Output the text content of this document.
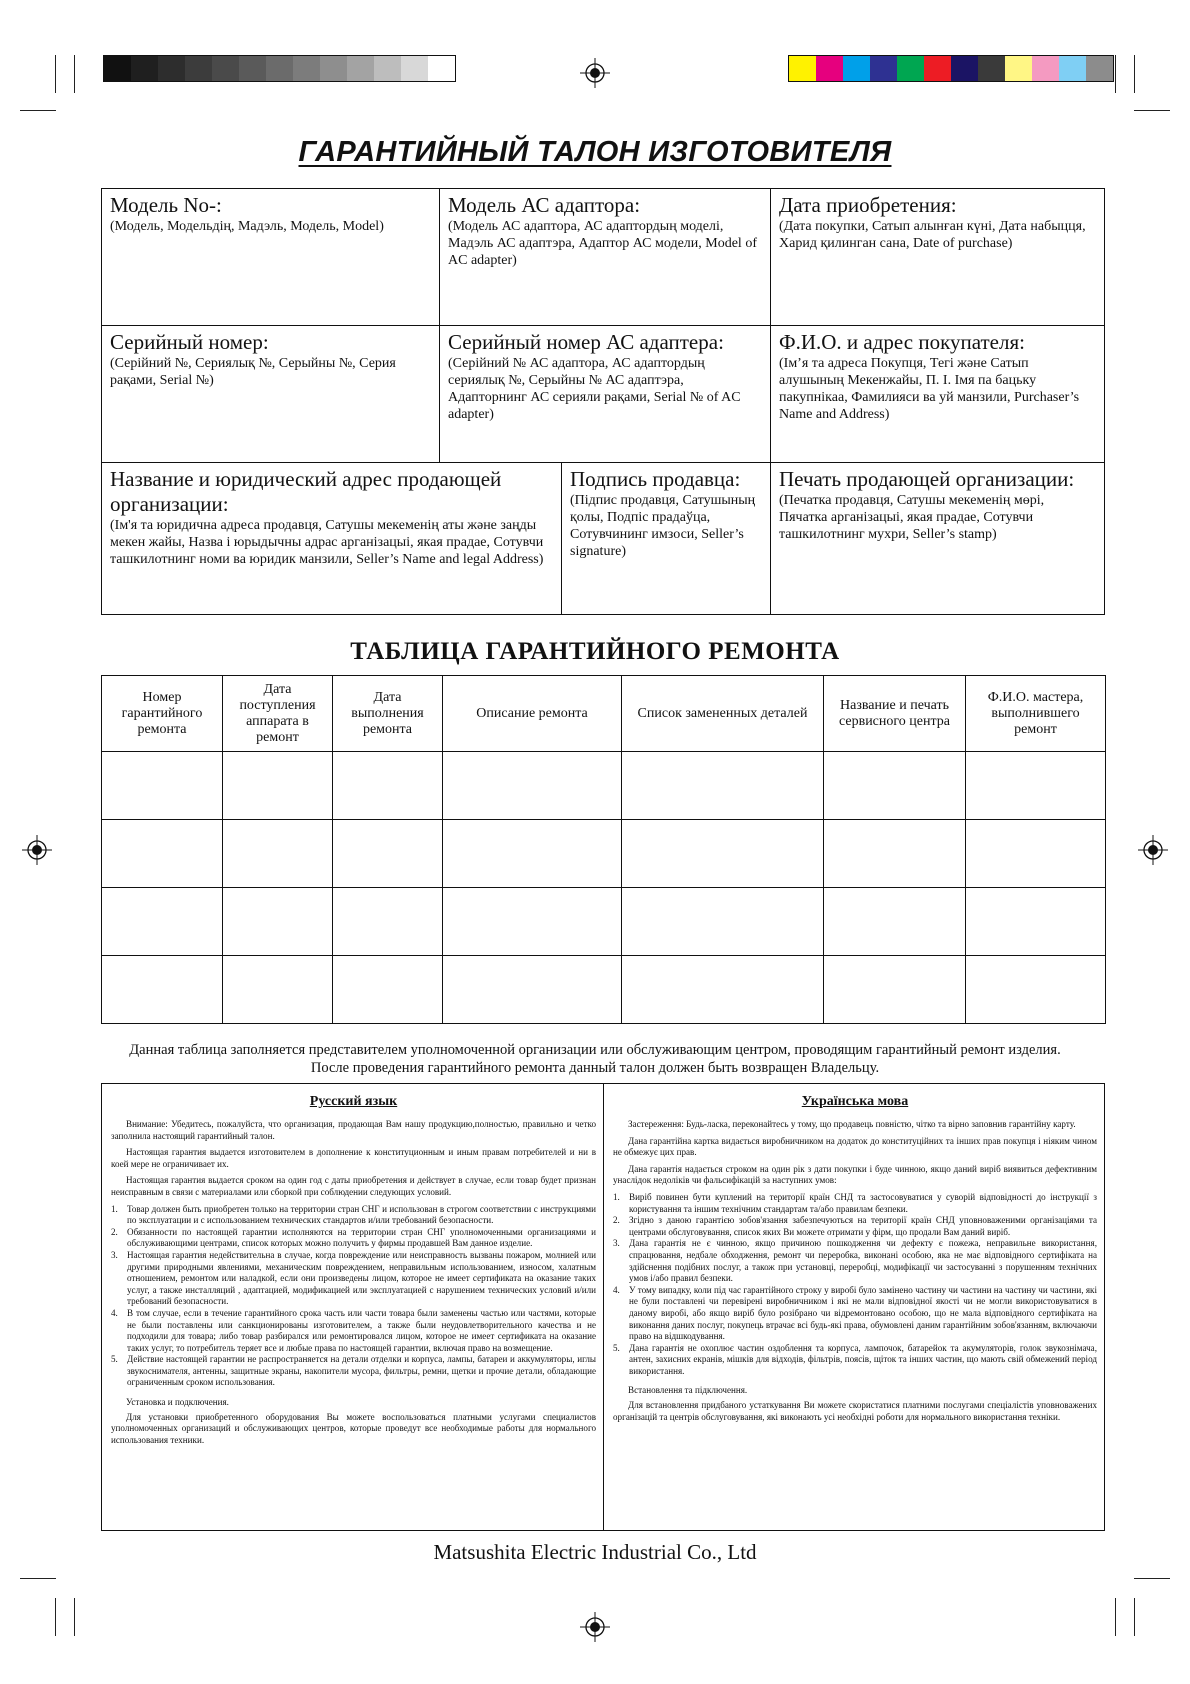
ГАРАНТИЙНЫЙ ТАЛОН ИЗГОТОВИТЕЛЯ
Модель No-:
(Модель, Модельдің, Мадэль, Модель, Model)
Модель АС адаптора:
(Модель АС адаптора, АС адаптордың моделі, Мадэль АС адаптэра, Адаптор АС модели, Model of AC adapter)
Дата приобретения:
(Дата покупки, Сатып алынған күні, Дата набыцця, Харид қилинган сана, Date of purchase)
Серийный номер:
(Серійний №, Сериялық №, Серыйны №, Серия рақами, Serial №)
Серийный номер АС адаптера:
(Серійний № АС адаптора, АС адаптордың сериялық №, Серыйны № АС адаптэра, Адапторнинг АС серияли рақами, Serial № of AC adapter)
Ф.И.О. и адрес покупателя:
(Ім’я та адреса Покупця, Тегі және Сатып алушының Мекенжайы, П. І. Імя па бацьку пакупнікаа, Фамилияси ва уй манзили, Purchaser’s Name and Address)
Название и юридический адрес продающей организации:
(Ім'я та юридична адреса продавця, Сатушы мекеменің аты және заңды мекен жайы, Назва і юрыдычны адрас арганізацыі, якая прадае, Сотувчи ташкилотнинг номи ва юридик манзили, Seller’s Name and legal Address)
Подпись продавца:
(Підпис продавця, Сатушының қолы, Подпіс прадаўца, Сотувчининг имзоси, Seller’s signature)
Печать продающей организации:
(Печатка продавця, Сатушы мекеменің мөрі, Пячатка арганізацыі, якая прадае, Сотувчи ташкилотнинг мухри, Seller’s stamp)
ТАБЛИЦА ГАРАНТИЙНОГО РЕМОНТА
Номер гарантийного ремонта	Дата поступления аппарата в ремонт	Дата выполнения ремонта	Описание ремонта	Список замененных деталей	Название и печать сервисного центра	Ф.И.О. мастера, выполнившего ремонт

Данная таблица заполняется представителем уполномоченной организации или обслуживающим центром, проводящим гарантийный ремонт изделия.
После проведения гарантийного ремонта данный талон должен быть возвращен Владельцу.
Русский язык

Внимание: Убедитесь, пожалуйста, что организация, продающая Вам нашу продукцию,полностью, правильно и четко заполнила настоящий гарантийный талон.

Настоящая гарантия выдается изготовителем в дополнение к конституционным и иным правам потребителей и ни в коей мере не ограничивает их.

Настоящая гарантия выдается сроком на один год с даты приобретения и действует в случае, если товар будет признан неисправным в связи с материалами или сборкой при соблюдении следующих условий.

1. Товар должен быть приобретен только на территории стран СНГ и использован в строгом соответствии с инструкциями по эксплуатации и с использованием технических стандартов и/или требований безопасности.
2. Обязанности по настоящей гарантии исполняются на территории стран СНГ уполномоченными организациями и обслуживающими центрами, список которых можно получить у фирмы продавшей Вам данное изделие.
3. Настоящая гарантия недействительна в случае, когда повреждение или неисправность вызваны пожаром, молнией или другими природными явлениями, механическим повреждением, неправильным использованием, износом, халатным отношением, ремонтом или наладкой, если они произведены лицом, которое не имеет сертификата на оказание таких услуг, а также инсталляций , адаптацией, модификацией или эксплуатацией с нарушением технических условий и/или требований безопасности.
4. В том случае, если в течение гарантийного срока часть или части товара были заменены частью или частями, которые не были поставлены или санкционированы изготовителем, а также были неудовлетворительного качества и не подходили для товара; либо товар разбирался или ремонтировался лицом, которое не имеет сертификата на оказание таких услуг, то потребитель теряет все и любые права по настоящей гарантии, включая право на возмещение.
5. Действие настоящей гарантии не распространяется на детали отделки и корпуса, лампы, батареи и аккумуляторы, иглы звукоснимателя, антенны, защитные экраны, накопители мусора, фильтры, ремни, щетки и прочие детали, обладающие ограниченным сроком использования.

Установка и подключения.

Для установки приобретенного оборудования Вы можете воспользоваться платными услугами специалистов уполномоченных организаций и обслуживающих центров, которые проведут все необходимые работы для нормального использования техники.

Українська мова

Застереження: Будь-ласка, переконайтесь у тому, що продавець повністю, чітко та вірно заповнив гарантійну карту.

Дана гарантійна картка видається виробничником на додаток до конституційних та інших прав покупця і ніяким чином не обмежує цих прав.

Дана гарантія надається строком на один рік з дати покупки і буде чинною, якщо даний виріб виявиться дефективним унаслідок недоліків чи фальсифікацій за наступних умов:

1. Виріб повинен бути куплений на території країн СНД та застосовуватися у суворій відповідності до інструкції з користування та іншим технічним стандартам та/або правилам безпеки.
2. Згідно з даною гарантією зобов'язання забезпечуються на території країн СНД уповноваженими організаціями та центрами обслуговування, список яких Ви можете отримати у фірм, що продали Вам даний виріб.
3. Дана гарантія не є чинною, якщо причиною пошкодження чи дефекту є пожежа, неправильне використання, спрацювання, недбале обходження, ремонт чи переробка, виконані особою, яка не має відповідного сертифіката на здійснення подібних послуг, а також при установці, переробці, модифікації чи застосуванні з порушенням технічних умов і/або правил безпеки.
4. У тому випадку, коли під час гарантійного строку у виробі було замінено частину чи частини на частину чи частини, які не були поставлені чи перевірені виробничником і які не мали відповідної якості чи не могли використовуватися в даному виробі, або якщо виріб було розібрано чи відремонтовано особою, що не мала відповідного сертифіката на виконання даних послуг, покупець втрачає всі будь-які права, обумовлені даним гарантійним зобов'язанням, включаючи право на відшкодування.
5. Дана гарантія не охоплює частин оздоблення та корпуса, лампочок, батарейок та акумуляторів, голок звукознімача, антен, захисних екранів, мішків для відходів, фільтрів, поясів, щіток та інших частин, що мають свій обмежений період використання.

Встановлення та підключення.

Для встановлення придбаного устаткування Ви можете скористатися платними послугами спеціалістів уповноважених організацій та центрів обслуговування, які виконають усі необхідні роботи для нормального використання техніки.

Matsushita Electric Industrial Co., Ltd
